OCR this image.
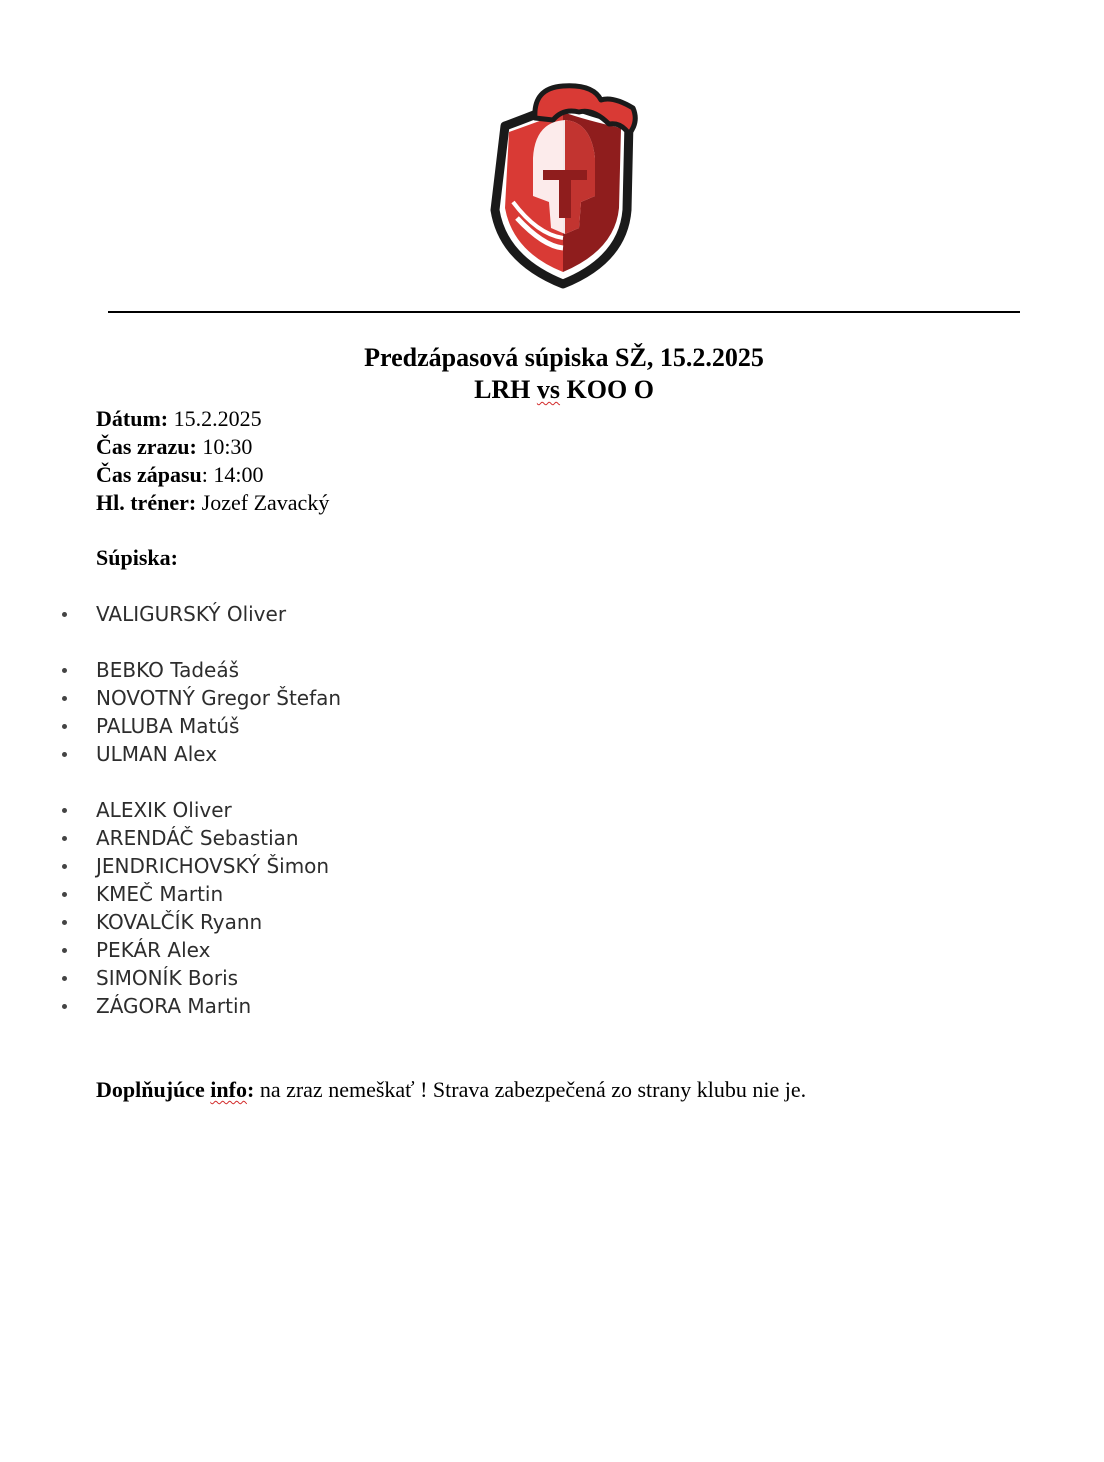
Predzápasová súpiska SŽ, 15.2.2025
LRH vs KOO O
Dátum: 15.2.2025
Čas zrazu: 10:30
Čas zápasu: 14:00
Hl. tréner: Jozef Zavacký
Súpiska:
VALIGURSKÝ Oliver
BEBKO Tadeáš
NOVOTNÝ Gregor Štefan
PALUBA Matúš
ULMAN Alex
ALEXIK Oliver
ARENDÁČ Sebastian
JENDRICHOVSKÝ Šimon
KMEČ Martin
KOVALČÍK Ryann
PEKÁR Alex
SIMONÍK Boris
ZÁGORA Martin
Doplňujúce info: na zraz nemeškať ! Strava zabezpečená zo strany klubu nie je.
